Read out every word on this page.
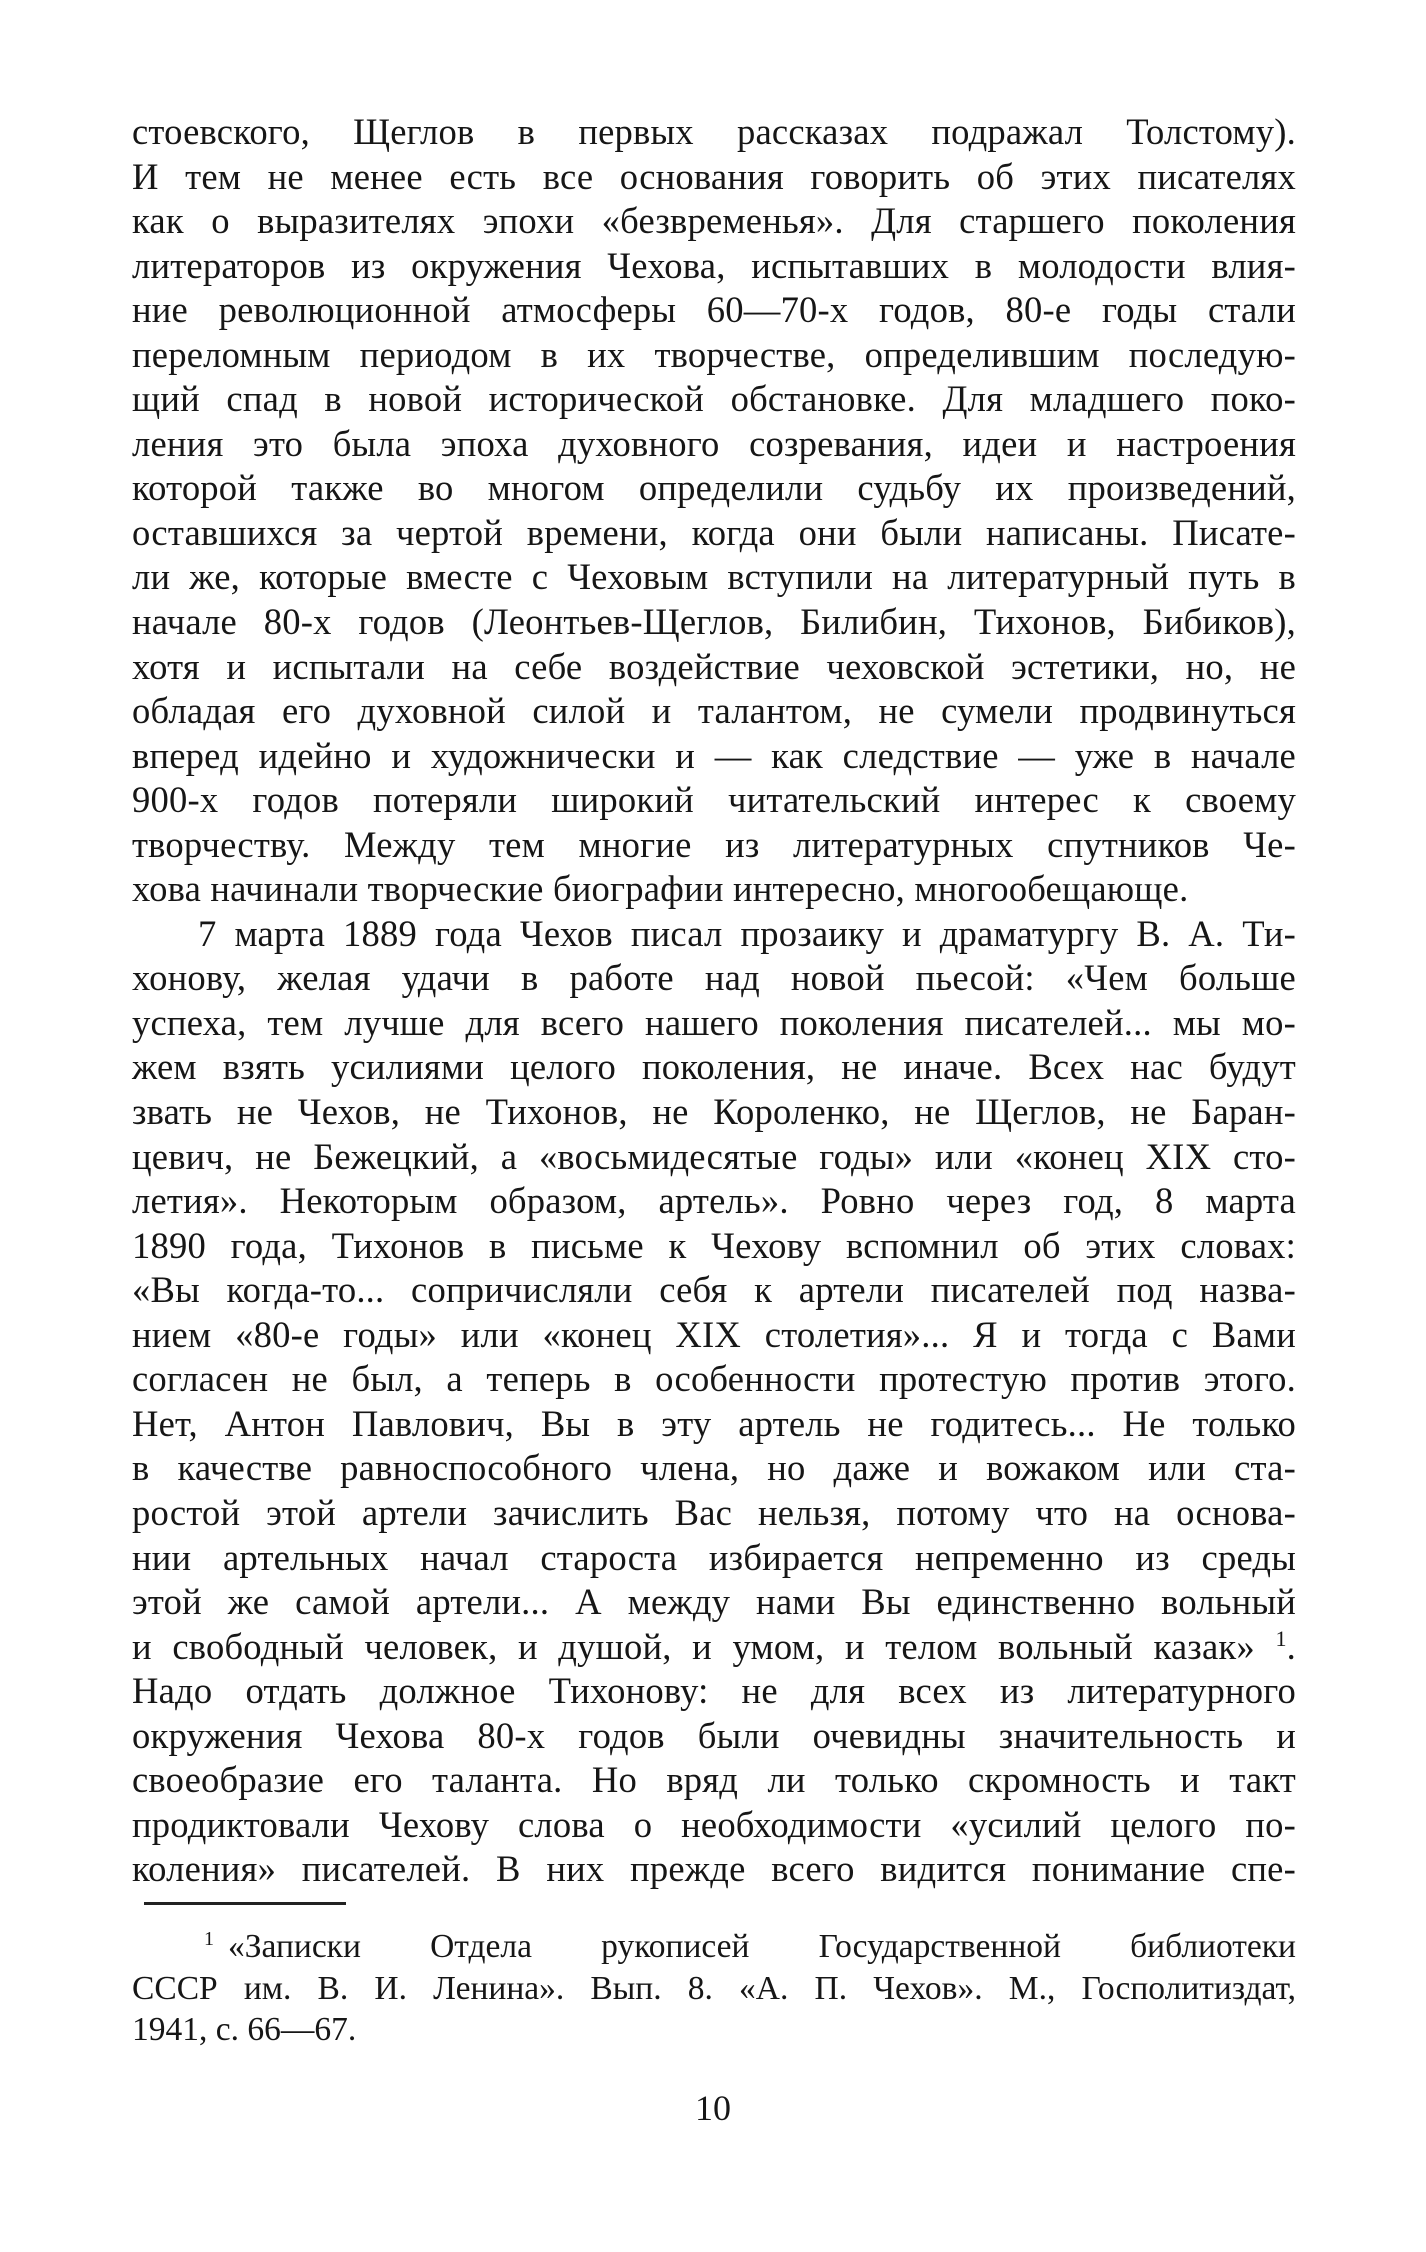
стоевского, Щеглов в первых рассказах подражал Толстому).
И тем не менее есть все основания говорить об этих писателях
как о выразителях эпохи «безвременья». Для старшего поколения
литераторов из окружения Чехова, испытавших в молодости влия-
ние революционной атмосферы 60—70-х годов, 80-е годы стали
переломным периодом в их творчестве, определившим последую-
щий спад в новой исторической обстановке. Для младшего поко-
ления это была эпоха духовного созревания, идеи и настроения
которой также во многом определили судьбу их произведений,
оставшихся за чертой времени, когда они были написаны. Писате-
ли же, которые вместе с Чеховым вступили на литературный путь в
начале 80-х годов (Леонтьев-Щеглов, Билибин, Тихонов, Бибиков),
хотя и испытали на себе воздействие чеховской эстетики, но, не
обладая его духовной силой и талантом, не сумели продвинуться
вперед идейно и художнически и — как следствие — уже в начале
900-х годов потеряли широкий читательский интерес к своему
творчеству. Между тем многие из литературных спутников Че-
хова начинали творческие биографии интересно, многообещающе.
7 марта 1889 года Чехов писал прозаику и драматургу В. А. Ти-
хонову, желая удачи в работе над новой пьесой: «Чем больше
успеха, тем лучше для всего нашего поколения писателей... мы мо-
жем взять усилиями целого поколения, не иначе. Всех нас будут
звать не Чехов, не Тихонов, не Короленко, не Щеглов, не Баран-
цевич, не Бежецкий, а «восьмидесятые годы» или «конец XIX сто-
летия». Некоторым образом, артель». Ровно через год, 8 марта
1890 года, Тихонов в письме к Чехову вспомнил об этих словах:
«Вы когда-то... сопричисляли себя к артели писателей под назва-
нием «80-е годы» или «конец XIX столетия»... Я и тогда с Вами
согласен не был, а теперь в особенности протестую против этого.
Нет, Антон Павлович, Вы в эту артель не годитесь... Не только
в качестве равноспособного члена, но даже и вожаком или ста-
ростой этой артели зачислить Вас нельзя, потому что на основа-
нии артельных начал староста избирается непременно из среды
этой же самой артели... А между нами Вы единственно вольный
и свободный человек, и душой, и умом, и телом вольный казак» $^1$.
Надо отдать должное Тихонову: не для всех из литературного
окружения Чехова 80-х годов были очевидны значительность и
своеобразие его таланта. Но вряд ли только скромность и такт
продиктовали Чехову слова о необходимости «усилий целого по-
коления» писателей. В них прежде всего видится понимание спе-
$^1$ «Записки Отдела рукописей Государственной библиотеки
СССР им. В. И. Ленина». Вып. 8. «А. П. Чехов». М., Госполитиздат,
1941, с. 66—67.
10
